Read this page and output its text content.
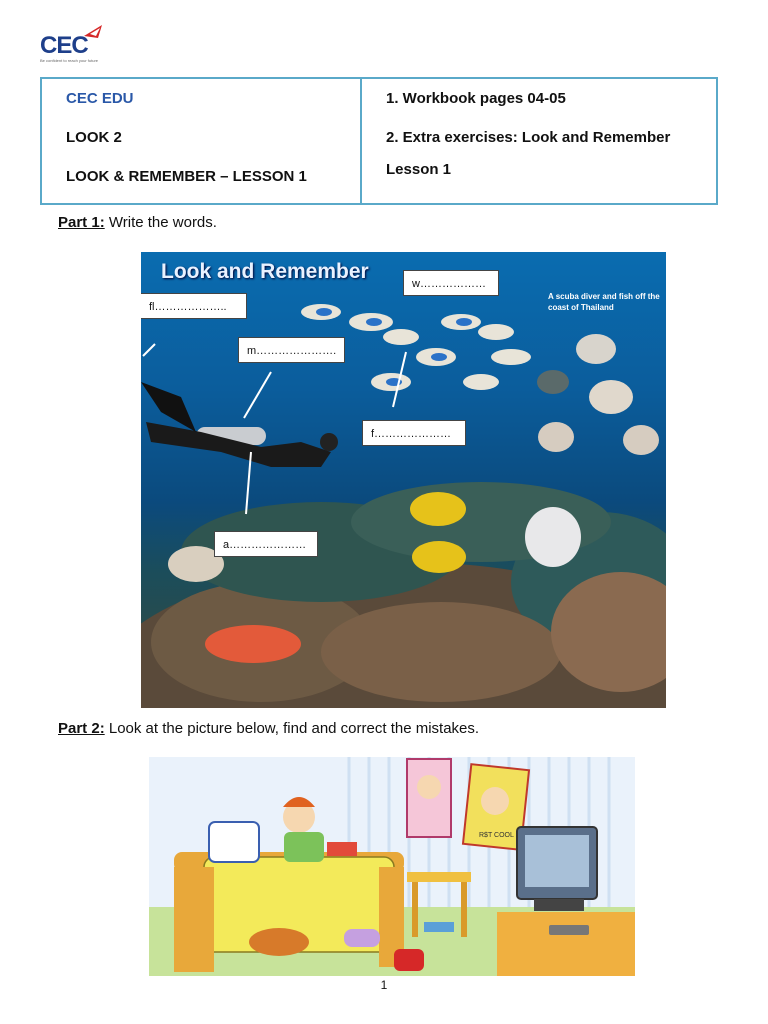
CEC
Be confident to reach your future

CEC EDU

LOOK 2

LOOK & REMEMBER – LESSON 1

1. Workbook pages 04-05

2. Extra exercises: Look and Remember

Lesson 1

Part 1: Write the words.
Look and Remember
A scuba diver and fish off the coast of Thailand
fl………………..
w………………
m………………….
f…………………
a…………………
Part 2: Look at the picture below, find and correct the mistakes.
R$T COOL
1
